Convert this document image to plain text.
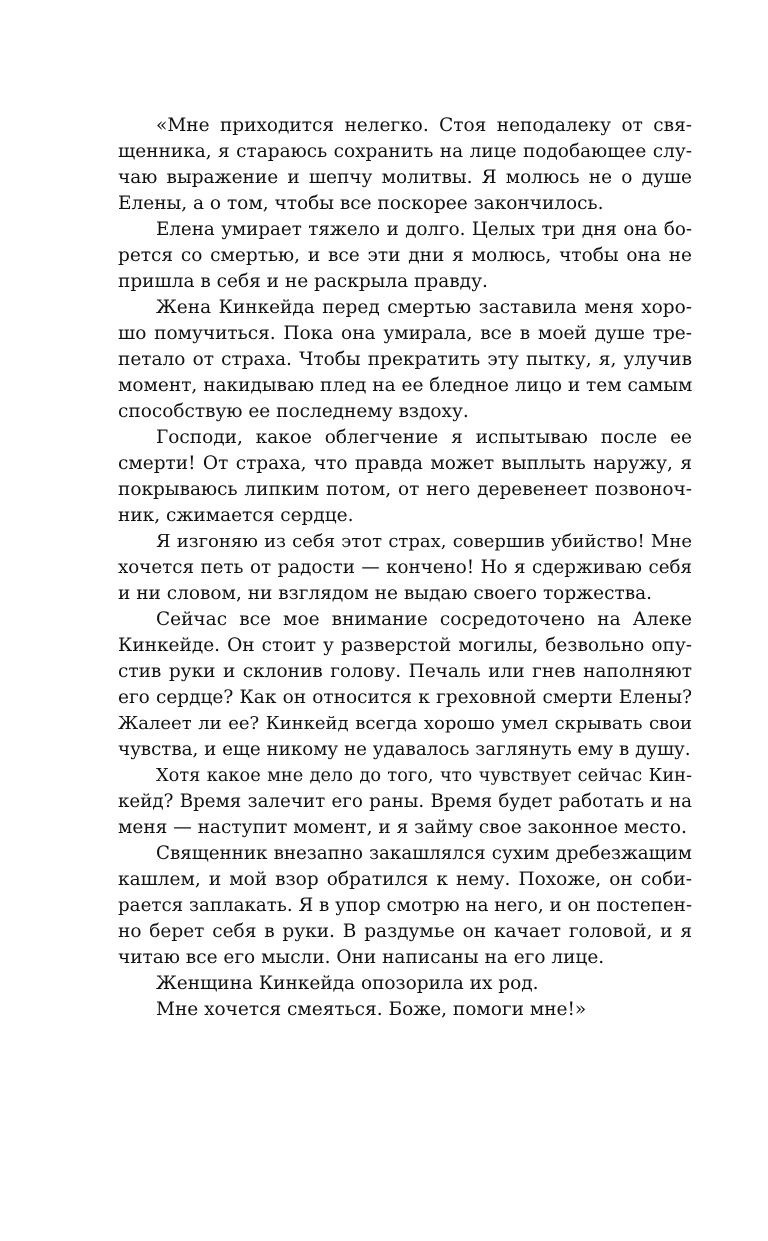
«Мне приходится нелегко. Стоя неподалеку от свя-
щенника, я стараюсь сохранить на лице подобающее слу-
чаю выражение и шепчу молитвы. Я молюсь не о душе
Елены, а о том, чтобы все поскорее закончилось.

Елена умирает тяжело и долго. Целых три дня она бо-
рется со смертью, и все эти дни я молюсь, чтобы она не
пришла в себя и не раскрыла правду.

Жена Кинкейда перед смертью заставила меня хоро-
шо помучиться. Пока она умирала, все в моей душе тре-
петало от страха. Чтобы прекратить эту пытку, я, улучив
момент, накидываю плед на ее бледное лицо и тем самым
способствую ее последнему вздоху.

Господи, какое облегчение я испытываю после ее
смерти! От страха, что правда может выплыть наружу, я
покрываюсь липким потом, от него деревенеет позвоноч-
ник, сжимается сердце.

Я изгоняю из себя этот страх, совершив убийство! Мне
хочется петь от радости — кончено! Но я сдерживаю себя
и ни словом, ни взглядом не выдаю своего торжества.

Сейчас все мое внимание сосредоточено на Алеке
Кинкейде. Он стоит у разверстой могилы, безвольно опу-
стив руки и склонив голову. Печаль или гнев наполняют
его сердце? Как он относится к греховной смерти Елены?
Жалеет ли ее? Кинкейд всегда хорошо умел скрывать свои
чувства, и еще никому не удавалось заглянуть ему в душу.

Хотя какое мне дело до того, что чувствует сейчас Кин-
кейд? Время залечит его раны. Время будет работать и на
меня — наступит момент, и я займу свое законное место.

Священник внезапно закашлялся сухим дребезжащим
кашлем, и мой взор обратился к нему. Похоже, он соби-
рается заплакать. Я в упор смотрю на него, и он постепен-
но берет себя в руки. В раздумье он качает головой, и я
читаю все его мысли. Они написаны на его лице.

Женщина Кинкейда опозорила их род.

Мне хочется смеяться. Боже, помоги мне!»
